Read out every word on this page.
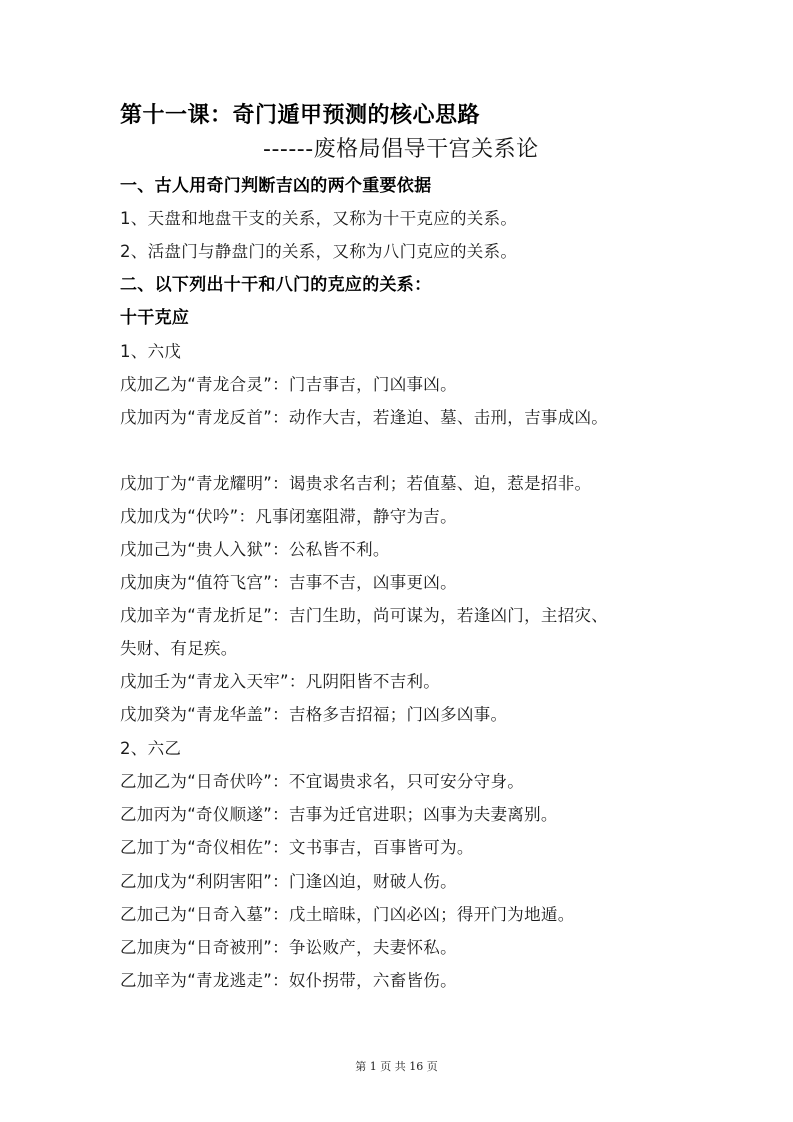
第十一课：奇门遁甲预测的核心思路
------废格局倡导干宫关系论
一、古人用奇门判断吉凶的两个重要依据
1、天盘和地盘干支的关系，又称为十干克应的关系。
2、活盘门与静盘门的关系，又称为八门克应的关系。
二、以下列出十干和八门的克应的关系：
十干克应
1、六戊
戊加乙为“青龙合灵”：门吉事吉，门凶事凶。
戊加丙为“青龙反首”：动作大吉，若逢迫、墓、击刑，吉事成凶。
戊加丁为“青龙耀明”：谒贵求名吉利；若值墓、迫，惹是招非。
戊加戊为“伏吟”：凡事闭塞阻滞，静守为吉。
戊加己为“贵人入狱”：公私皆不利。
戊加庚为“值符飞宫”：吉事不吉，凶事更凶。
戊加辛为“青龙折足”：吉门生助，尚可谋为，若逢凶门，主招灾、
失财、有足疾。
戊加壬为“青龙入天牢”：凡阴阳皆不吉利。
戊加癸为“青龙华盖”：吉格多吉招福；门凶多凶事。
2、六乙
乙加乙为“日奇伏吟”：不宜谒贵求名，只可安分守身。
乙加丙为“奇仪顺遂”：吉事为迁官进职；凶事为夫妻离别。
乙加丁为“奇仪相佐”：文书事吉，百事皆可为。
乙加戊为“利阴害阳”：门逢凶迫，财破人伤。
乙加己为“日奇入墓”：戊土暗昧，门凶必凶；得开门为地遁。
乙加庚为“日奇被刑”：争讼败产，夫妻怀私。
乙加辛为“青龙逃走”：奴仆拐带，六畜皆伤。
第 1 页 共 16 页
